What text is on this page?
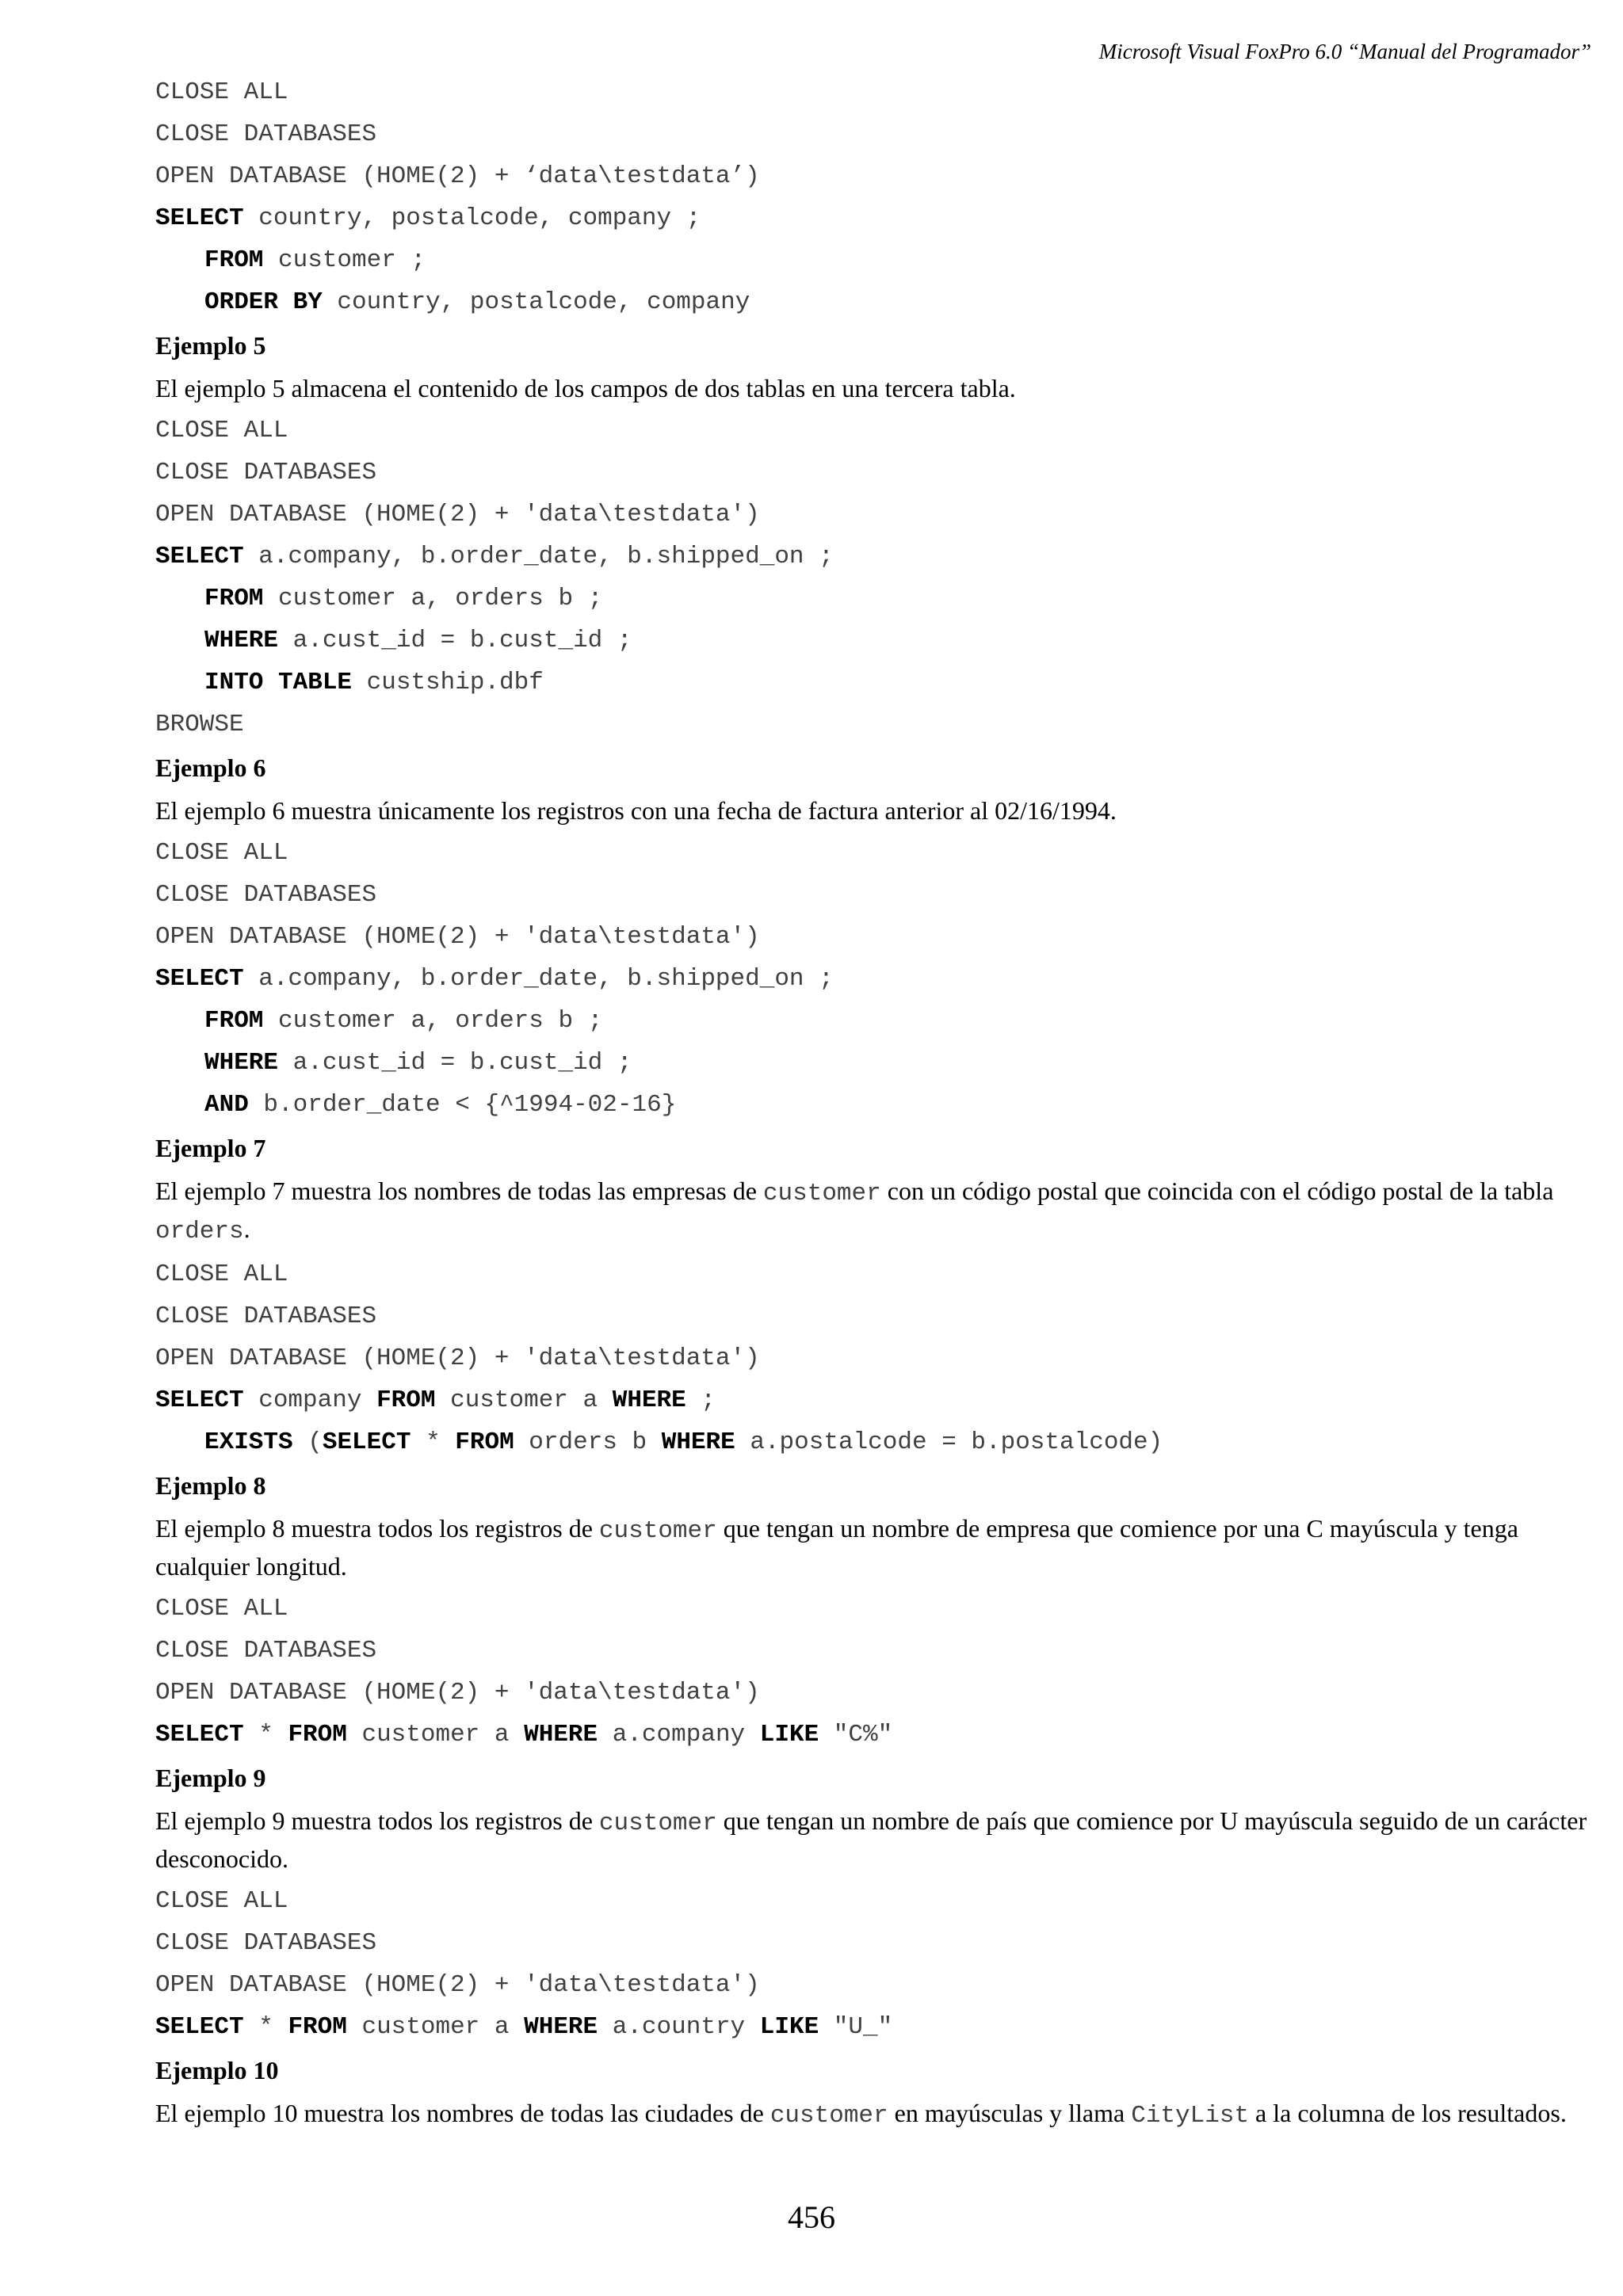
Microsoft Visual FoxPro 6.0 “Manual del Programador”
CLOSE ALL
CLOSE DATABASES
OPEN DATABASE (HOME(2) + ‘data\testdata’)
SELECT country, postalcode, company ;
FROM customer ;
ORDER BY country, postalcode, company
Ejemplo 5
El ejemplo 5 almacena el contenido de los campos de dos tablas en una tercera tabla.
CLOSE ALL
CLOSE DATABASES
OPEN DATABASE (HOME(2) + 'data\testdata')
SELECT a.company, b.order_date, b.shipped_on ;
FROM customer a, orders b ;
WHERE a.cust_id = b.cust_id ;
INTO TABLE custship.dbf
BROWSE
Ejemplo 6
El ejemplo 6 muestra únicamente los registros con una fecha de factura anterior al 02/16/1994.
CLOSE ALL
CLOSE DATABASES
OPEN DATABASE (HOME(2) + 'data\testdata')
SELECT a.company, b.order_date, b.shipped_on ;
FROM customer a, orders b ;
WHERE a.cust_id = b.cust_id ;
AND b.order_date < {^1994-02-16}
Ejemplo 7
El ejemplo 7 muestra los nombres de todas las empresas de customer con un código postal que coincida con el código postal de la tabla orders.
CLOSE ALL
CLOSE DATABASES
OPEN DATABASE (HOME(2) + 'data\testdata')
SELECT company FROM customer a WHERE ;
EXISTS (SELECT * FROM orders b WHERE a.postalcode = b.postalcode)
Ejemplo 8
El ejemplo 8 muestra todos los registros de customer que tengan un nombre de empresa que comience por una C mayúscula y tenga cualquier longitud.
CLOSE ALL
CLOSE DATABASES
OPEN DATABASE (HOME(2) + 'data\testdata')
SELECT * FROM customer a WHERE a.company LIKE "C%"
Ejemplo 9
El ejemplo 9 muestra todos los registros de customer que tengan un nombre de país que comience por U mayúscula seguido de un carácter desconocido.
CLOSE ALL
CLOSE DATABASES
OPEN DATABASE (HOME(2) + 'data\testdata')
SELECT * FROM customer a WHERE a.country LIKE "U_"
Ejemplo 10
El ejemplo 10 muestra los nombres de todas las ciudades de customer en mayúsculas y llama CityList a la columna de los resultados.
456
